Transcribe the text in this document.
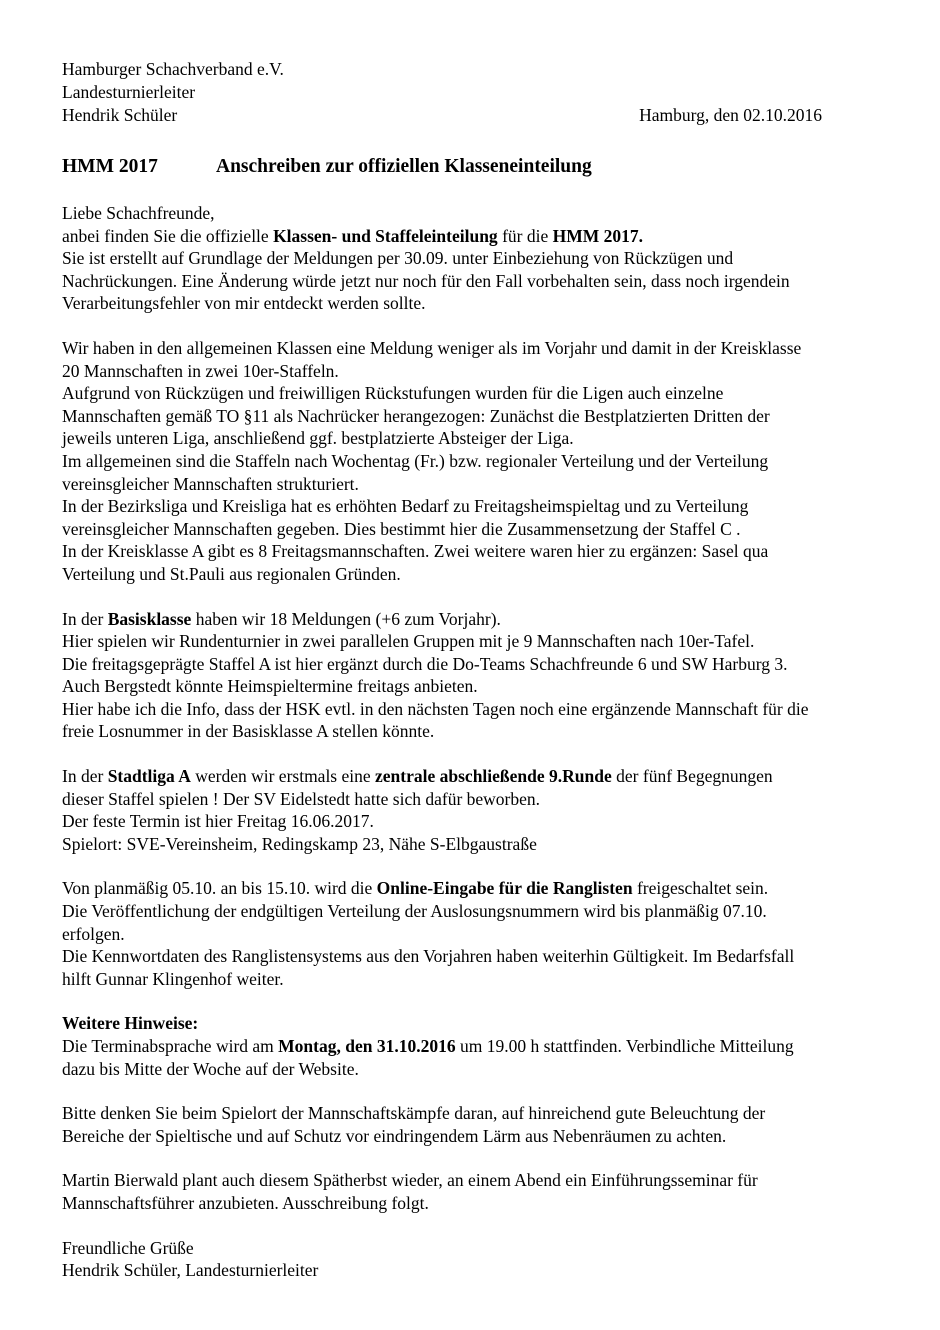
Hamburger Schachverband e.V.
Landesturnierleiter
Hendrik Schüler	Hamburg, den 02.10.2016
HMM 2017	Anschreiben zur offiziellen Klasseneinteilung

Liebe Schachfreunde,

anbei finden Sie die offizielle Klassen- und Staffeleinteilung für die HMM 2017.

Sie ist erstellt auf Grundlage der Meldungen per 30.09. unter Einbeziehung von Rückzügen und

Nachrückungen. Eine Änderung würde jetzt nur noch für den Fall vorbehalten sein, dass noch irgendein

Verarbeitungsfehler von mir entdeckt werden sollte.

Wir haben in den allgemeinen Klassen eine Meldung weniger als im Vorjahr und damit in der Kreisklasse

20 Mannschaften in zwei 10er-Staffeln.

Aufgrund von Rückzügen und freiwilligen Rückstufungen wurden für die Ligen auch einzelne

Mannschaften gemäß TO §11 als Nachrücker herangezogen: Zunächst die Bestplatzierten Dritten der

jeweils unteren Liga, anschließend ggf. bestplatzierte Absteiger der Liga.

Im allgemeinen sind die Staffeln nach Wochentag (Fr.) bzw. regionaler Verteilung und der Verteilung

vereinsgleicher Mannschaften strukturiert.

In der Bezirksliga und Kreisliga hat es erhöhten Bedarf zu Freitagsheimspieltag und zu Verteilung

vereinsgleicher Mannschaften gegeben. Dies bestimmt hier die Zusammensetzung der Staffel C .

In der Kreisklasse A gibt es 8 Freitagsmannschaften. Zwei weitere waren hier zu ergänzen: Sasel qua

Verteilung und St.Pauli aus regionalen Gründen.

In der Basisklasse haben wir 18 Meldungen (+6 zum Vorjahr).

Hier spielen wir Rundenturnier in zwei parallelen Gruppen mit je 9 Mannschaften nach 10er-Tafel.

Die freitagsgeprägte Staffel A ist hier ergänzt durch die Do-Teams Schachfreunde 6 und SW Harburg 3.

Auch Bergstedt könnte Heimspieltermine freitags anbieten.

Hier habe ich die Info, dass der HSK evtl. in den nächsten Tagen noch eine ergänzende Mannschaft für die

freie Losnummer in der Basisklasse A stellen könnte.

In der Stadtliga A werden wir erstmals eine zentrale abschließende 9.Runde der fünf Begegnungen

dieser Staffel spielen ! Der SV Eidelstedt hatte sich dafür beworben.

Der feste Termin ist hier Freitag 16.06.2017.

Spielort: SVE-Vereinsheim, Redingskamp 23, Nähe S-Elbgaustraße

Von planmäßig 05.10. an bis 15.10. wird die Online-Eingabe für die Ranglisten freigeschaltet sein.

Die Veröffentlichung der endgültigen Verteilung der Auslosungsnummern wird bis planmäßig 07.10.

erfolgen.

Die Kennwortdaten des Ranglistensystems aus den Vorjahren haben weiterhin Gültigkeit. Im Bedarfsfall

hilft Gunnar Klingenhof weiter.

Weitere Hinweise:

Die Terminabsprache wird am Montag, den 31.10.2016 um 19.00 h stattfinden. Verbindliche Mitteilung

dazu bis Mitte der Woche auf der Website.

Bitte denken Sie beim Spielort der Mannschaftskämpfe daran, auf hinreichend gute Beleuchtung der

Bereiche der Spieltische und auf Schutz vor eindringendem Lärm aus Nebenräumen zu achten.

Martin Bierwald plant auch diesem Spätherbst wieder, an einem Abend ein Einführungsseminar für

Mannschaftsführer anzubieten. Ausschreibung folgt.

Freundliche Grüße

Hendrik Schüler, Landesturnierleiter
